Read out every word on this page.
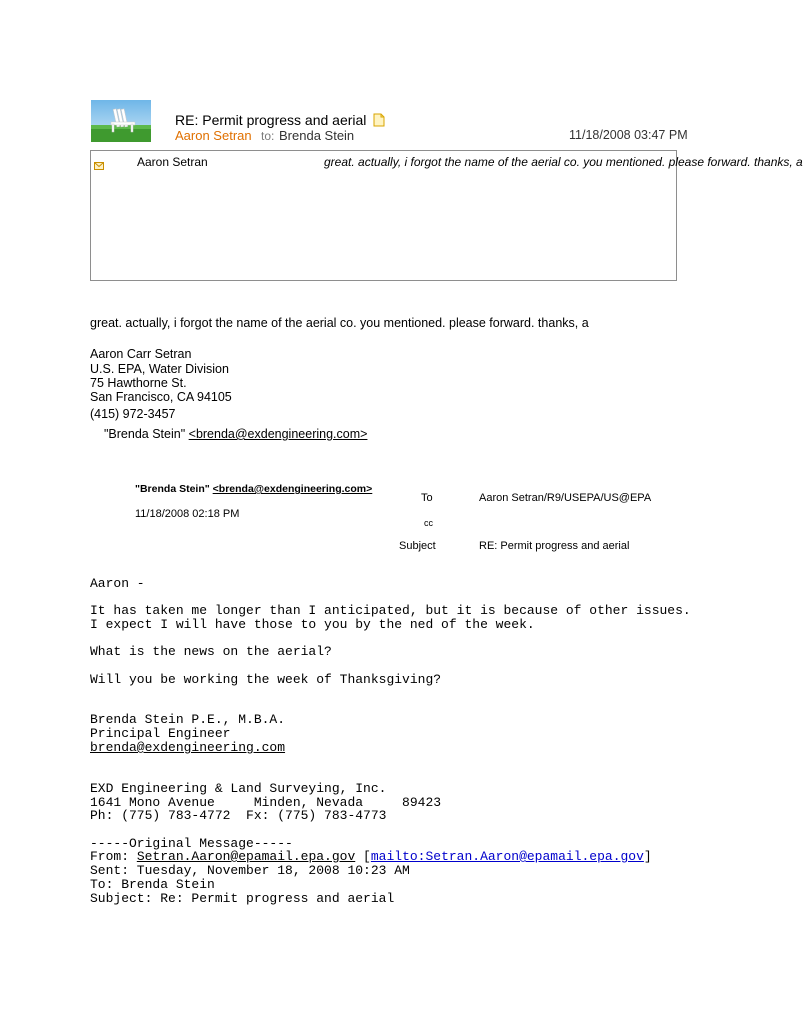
RE: Permit progress and aerial
Aaron Setran to: Brenda Stein	11/18/2008 03:47 PM
Aaron Setran	great. actually, i forgot the name of the aerial co. you mentioned. please forward. thanks, a
great. actually, i forgot the name of the aerial co. you mentioned. please forward. thanks, a
Aaron Carr Setran
U.S. EPA, Water Division
75 Hawthorne St.
San Francisco, CA 94105
(415) 972-3457
"Brenda Stein" <brenda@exdengineering.com>
"Brenda Stein" <brenda@exdengineering.com>
11/18/2008 02:18 PM
To	Aaron Setran/R9/USEPA/US@EPA
cc
Subject	RE: Permit progress and aerial
Aaron -
It has taken me longer than I anticipated, but it is because of other issues.
I expect I will have those to you by the ned of the week.
What is the news on the aerial?
Will you be working the week of Thanksgiving?
Brenda Stein P.E., M.B.A.
Principal Engineer
brenda@exdengineering.com
EXD Engineering & Land Surveying, Inc.
1641 Mono Avenue     Minden, Nevada     89423
Ph: (775) 783-4772  Fx: (775) 783-4773
-----Original Message-----
From: Setran.Aaron@epamail.epa.gov [mailto:Setran.Aaron@epamail.epa.gov]
Sent: Tuesday, November 18, 2008 10:23 AM
To: Brenda Stein
Subject: Re: Permit progress and aerial
